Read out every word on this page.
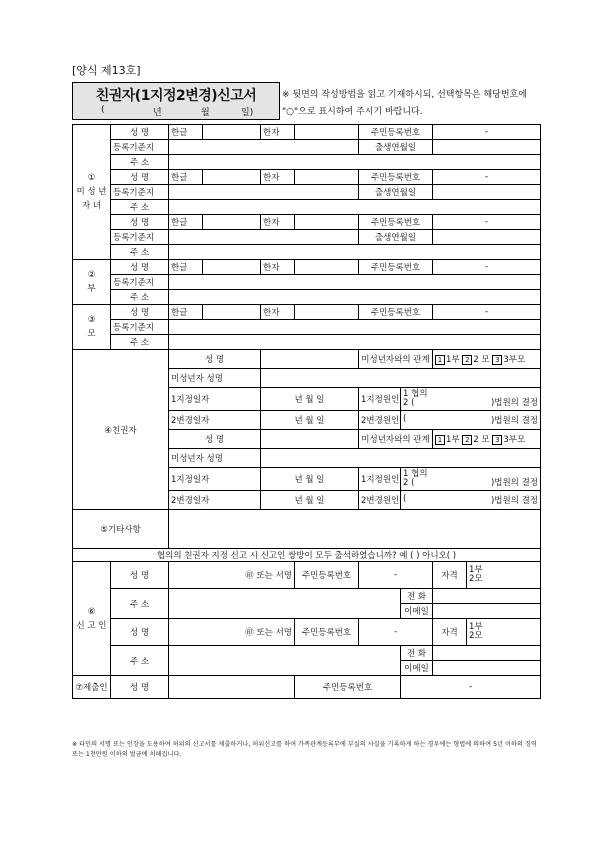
[양식 제13호]
친권자(1지정2변경)신고서
(	년	월	일)
※ 뒷면의 작성방법을 읽고 기재하시되, 선택항목은 해당번호에 "○"으로 표시하여 주시기 바랍니다.
①
미 성 년 자 녀	성 명	한글		한자		주민등록번호		-	
	등록기준지					출생연월일			
	주 소								
	성 명	한글		한자		주민등록번호		-	
	등록기준지					출생연월일			
	주 소								
	성 명	한글		한자		주민등록번호		-	
	등록기준지					출생연월일			
	주 소								
②
부	성 명	한글		한자		주민등록번호		-	
	등록기준지								
	주 소								
③
모	성 명	한글		한자		주민등록번호		-	
	등록기준지								
	주 소								
④친권자		성 명				미성년자와의 관계		1 1부 2 2 모 3 3부모	
		미성년자 성명							
		1지정일자		년 월 일		1지정원인	1 협의
2 ( )법원의 결정		

		2변경일자		년 월 일		2변경원인	( )법원의 결정		

		성 명				미성년자와의 관계		1 1부 2 2 모 3 3부모	
		미성년자 성명							
		1지정일자		년 월 일		1지정원인	1 협의
2 ( )법원의 결정		

		2변경일자		년 월 일		2변경원인	( )법원의 결정		

⑤기타사항									
협의의 친권자 지정 신고 시 신고인 쌍방이 모두 출석하였습니까? 예 ( ) 아니오( )									
⑥
신 고 인	성 명	㊞ 또는 서명			주민등록번호	-		자격	1부
2모
	주 소						전 화		
							이메일		
	성 명	㊞ 또는 서명			주민등록번호	-		자격	1부
2모
	주 소						전 화		
							이메일		
⑦제출인	성 명				주민등록번호		-		
※ 타인의 서명 또는 인장을 도용하여 허위의 신고서를 제출하거나, 허위신고를 하여 가족관계등록부에 부실의 사실을 기록하게 하는 경우에는 형법에 의하여 5년 이하의 징역 또는 1천만원 이하의 벌금에 처해집니다.
